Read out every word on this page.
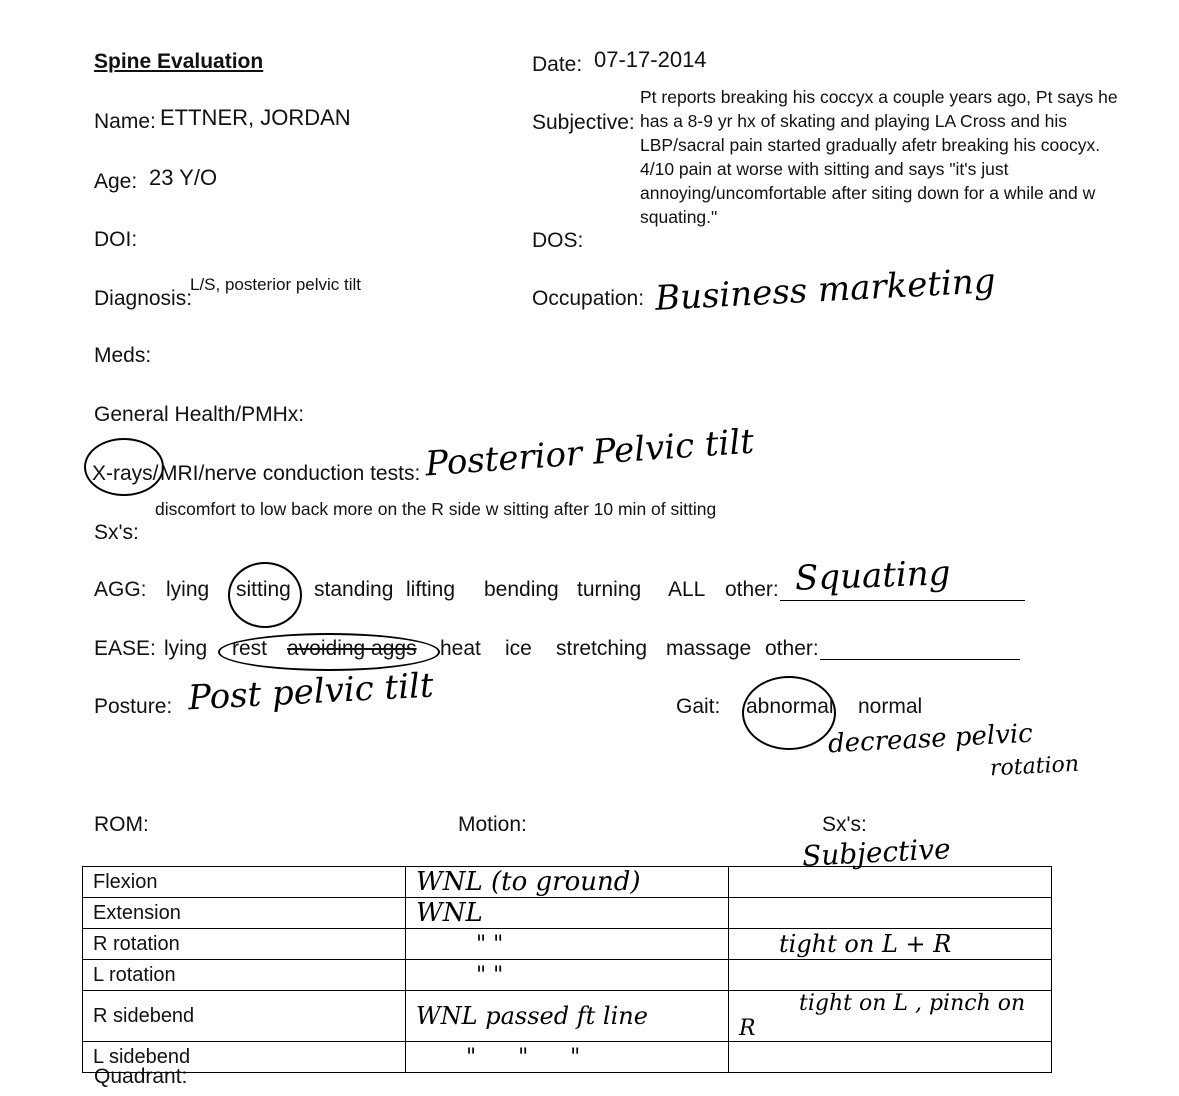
Spine Evaluation
Name: ETTNER, JORDAN
Age: 23 Y/O
DOI:
Diagnosis:
L/S, posterior pelvic tilt
Meds:
General Health/PMHx:
Date: 07-17-2014
Subjective:
Pt reports breaking his coccyx a couple years ago, Pt says he
has a 8-9 yr hx of skating and playing LA Cross and his
LBP/sacral pain started gradually afetr breaking his coocyx.
4/10 pain at worse with sitting and says "it's just
annoying/uncomfortable after siting down for a while and w
squating."
DOS:
Occupation: Business marketing
X-rays/ MRI/nerve conduction tests: Posterior Pelvic tilt
discomfort to low back more on the R side w sitting after 10 min of sitting
Sx's:
AGG: lying sitting standing lifting bending turning ALL other: Squating
EASE: lying rest avoiding aggs heat ice stretching massage other:
Posture: Post pelvic tilt	Gait: abnormal normal
decrease pelvic
rotation
ROM:	Motion:	Sx's:
Subjective
Flexion	WNL (to ground)	
Extension	WNL	
R rotation	" "	tight on L + R
L rotation	" "	
R sidebend	WNL passed ft line	tight on L , pinch on R
L sidebend	"      "      "	
Quadrant:
